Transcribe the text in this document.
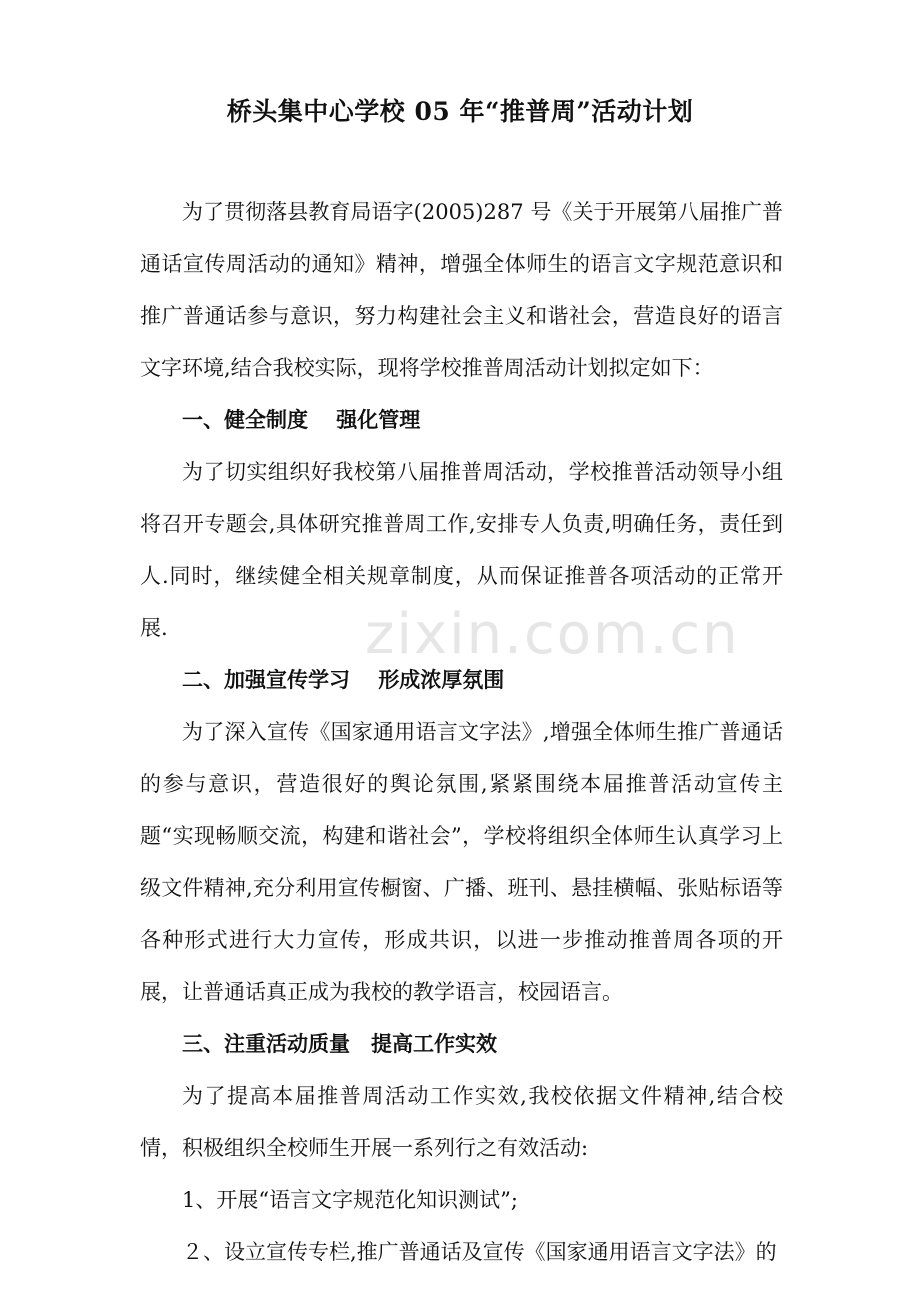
桥头集中心学校 05 年“推普周”活动计划

为了贯彻落县教育局语字(2005)287 号《关于开展第八届推广普通话宣传周活动的通知》精神，增强全体师生的语言文字规范意识和推广普通话参与意识，努力构建社会主义和谐社会，营造良好的语言文字环境,结合我校实际，现将学校推普周活动计划拟定如下：

一、健全制度　 强化管理

为了切实组织好我校第八届推普周活动，学校推普活动领导小组将召开专题会,具体研究推普周工作,安排专人负责,明确任务，责任到人.同时，继续健全相关规章制度，从而保证推普各项活动的正常开展.

二、加强宣传学习　 形成浓厚氛围

为了深入宣传《国家通用语言文字法》,增强全体师生推广普通话的参与意识，营造很好的舆论氛围,紧紧围绕本届推普活动宣传主题“实现畅顺交流，构建和谐社会”，学校将组织全体师生认真学习上级文件精神,充分利用宣传橱窗、广播、班刊、悬挂横幅、张贴标语等各种形式进行大力宣传，形成共识，以进一步推动推普周各项的开展，让普通话真正成为我校的教学语言，校园语言。

三、注重活动质量　提高工作实效

为了提高本届推普周活动工作实效,我校依据文件精神,结合校情，积极组织全校师生开展一系列行之有效活动:

1、开展“语言文字规范化知识测试”;

２、设立宣传专栏,推广普通话及宣传《国家通用语言文字法》的

zixin.com.cn
